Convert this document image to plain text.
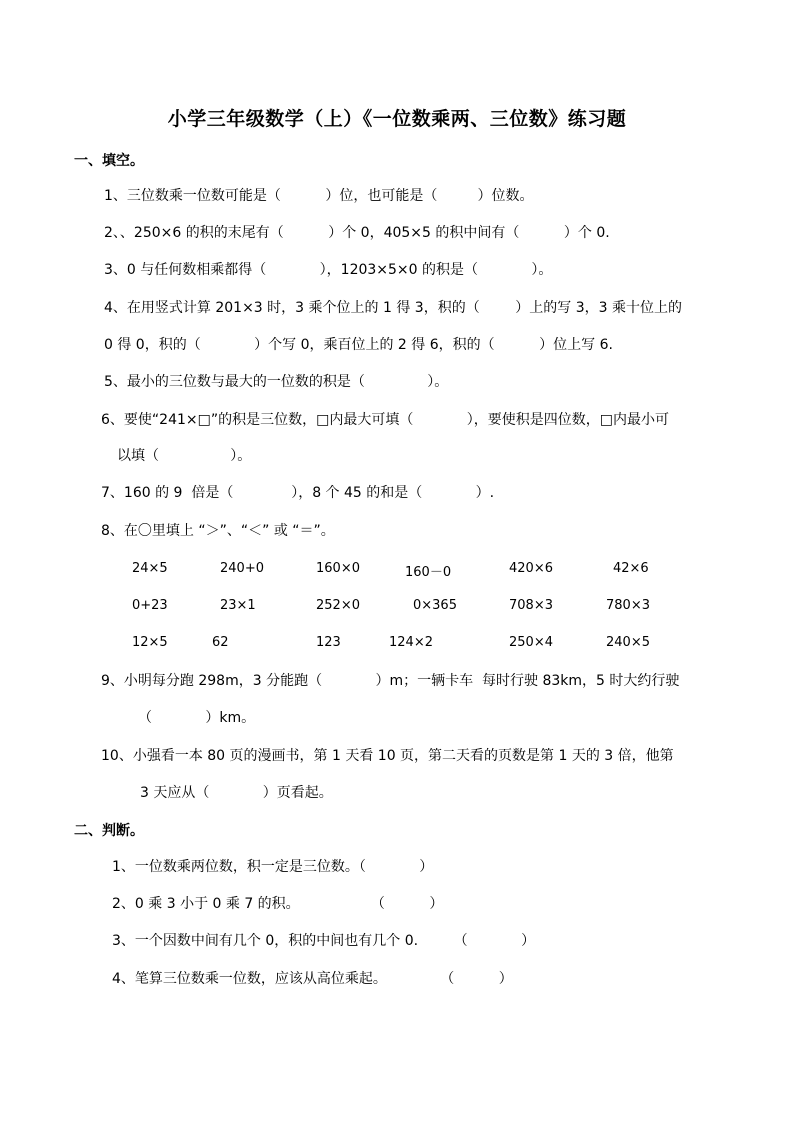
小学三年级数学（上）《一位数乘两、三位数》练习题
一、填空。
1、三位数乘一位数可能是（          ）位，也可能是（         ）位数。
2、、250×6 的积的末尾有（          ）个 0，405×5 的积中间有（          ）个 0.
3、0 与任何数相乘都得（            ），1203×5×0 的积是（            ）。
4、在用竖式计算 201×3 时，3 乘个位上的 1 得 3，积的（        ）上的写 3，3 乘十位上的
0 得 0，积的（            ）个写 0，乘百位上的 2 得 6，积的（          ）位上写 6.
5、最小的三位数与最大的一位数的积是（              ）。
6、要使“241×□”的积是三位数，□内最大可填（            ），要使积是四位数，□内最小可
以填（                ）。
7、160 的 9  倍是（             ），8 个 45 的和是（            ）.
8、在〇里填上 “＞”、“＜” 或 “＝”。
24×5	240+0	160×0	160－0	420×6	42×6
0+23	23×1	252×0	0×365	708×3	780×3
12×5	62	123	124×2	250×4	240×5
9、小明每分跑 298m，3 分能跑（            ）m；一辆卡车  每时行驶 83km，5 时大约行驶
（            ）km。
10、小强看一本 80 页的漫画书，第 1 天看 10 页，第二天看的页数是第 1 天的 3 倍，他第
3 天应从（            ）页看起。
二、判断。
1、一位数乘两位数，积一定是三位数。（            ）
2、0 乘 3 小于 0 乘 7 的积。                （          ）
3、一个因数中间有几个 0，积的中间也有几个 0.        （            ）
4、笔算三位数乘一位数，应该从高位乘起。            （          ）
